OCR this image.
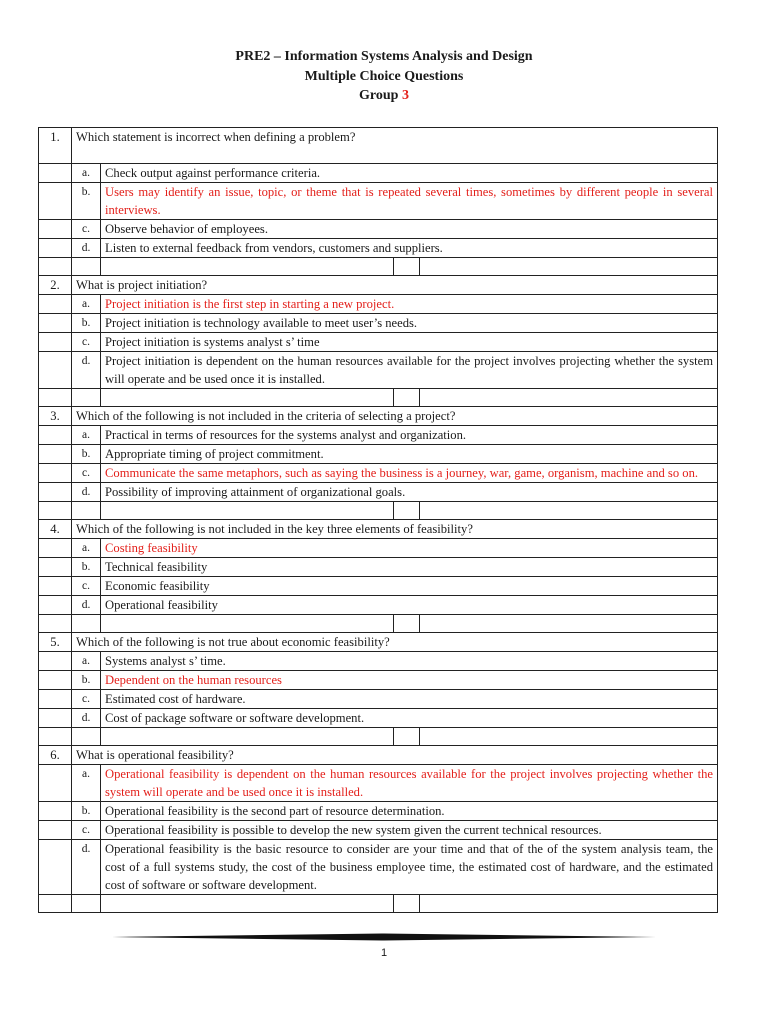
PRE2 – Information Systems Analysis and Design
Multiple Choice Questions
Group 3
1.	Which statement is incorrect when defining a problem?			
	a.	Check output against performance criteria.		
	b.	Users may identify an issue, topic, or theme that is repeated several times, sometimes by different people in several interviews.		
	c.	Observe behavior of employees.		
	d.	Listen to external feedback from vendors, customers and suppliers.		

2.	What is project initiation?			
	a.	Project initiation is the first step in starting a new project.		
	b.	Project initiation is technology available to meet user’s needs.		
	c.	Project initiation is systems analyst s’ time		
	d.	Project initiation is dependent on the human resources available for the project involves projecting whether the system will operate and be used once it is installed.		

3.	Which of the following is not included in the criteria of selecting a project?			
	a.	Practical in terms of resources for the systems analyst and organization.		
	b.	Appropriate timing of project commitment.		
	c.	Communicate the same metaphors, such as saying the business is a journey, war, game, organism, machine and so on.		
	d.	Possibility of improving attainment of organizational goals.		

4.	Which of the following is not included in the key three elements of feasibility?			
	a.	Costing feasibility		
	b.	Technical feasibility		
	c.	Economic feasibility		
	d.	Operational feasibility		

5.	Which of the following is not true about economic feasibility?			
	a.	Systems analyst s’ time.		
	b.	Dependent on the human resources		
	c.	Estimated cost of hardware.		
	d.	Cost of package software or software development.		

6.	What is operational feasibility?			
	a.	Operational feasibility is dependent on the human resources available for the project involves projecting whether the system will operate and be used once it is installed.		
	b.	Operational feasibility is the second part of resource determination.		
	c.	Operational feasibility is possible to develop the new system given the current technical resources.		
	d.	Operational feasibility is the basic resource to consider are your time and that of the of the system analysis team, the cost of a full systems study, the cost of the business employee time, the estimated cost of hardware, and the estimated cost of software or software development.		

1
